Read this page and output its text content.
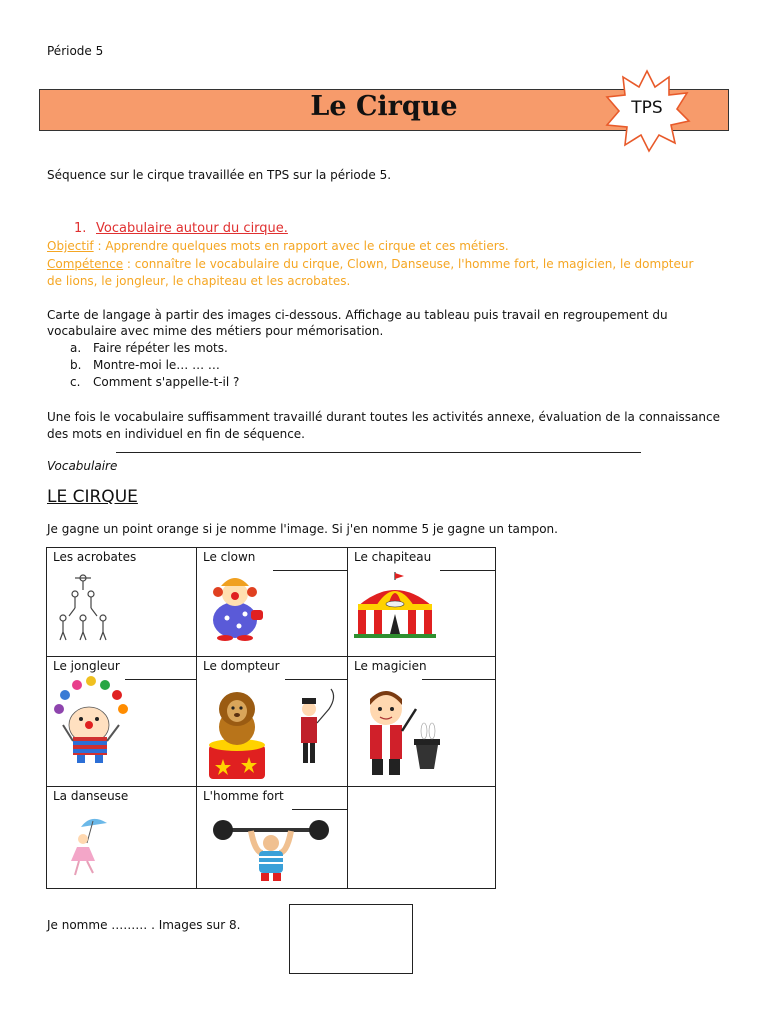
Période 5
Le Cirque	TPS
Séquence sur le cirque travaillée en TPS sur la période 5.
1. Vocabulaire autour du cirque.
Objectif : Apprendre quelques mots en rapport avec le cirque et ces métiers.
Compétence : connaître le vocabulaire du cirque, Clown, Danseuse, l'homme fort, le magicien, le dompteur de lions, le jongleur, le chapiteau et les acrobates.
Carte de langage à partir des images ci-dessous. Affichage au tableau puis travail en regroupement du vocabulaire avec mime des métiers pour mémorisation.
a. Faire répéter les mots.
b. Montre-moi le… … …
c. Comment s'appelle-t-il ?
Une fois le vocabulaire suffisamment travaillé durant toutes les activités annexe, évaluation de la connaissance des mots en individuel en fin de séquence.
Vocabulaire
LE CIRQUE
Je gagne un point orange si je nomme l'image. Si j'en nomme 5 je gagne un tampon.
Les acrobates	Le clown	Le chapiteau
Le jongleur	Le dompteur	Le magicien
La danseuse	L'homme fort
Je nomme ……… . Images sur 8.
